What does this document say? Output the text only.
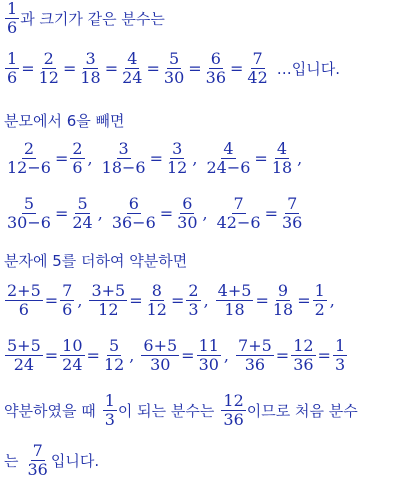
$\frac{1}{6}$ 과 크기가 같은 분수는
$\frac{1}{6} = \frac{2}{12} = \frac{3}{18} = \frac{4}{24} = \frac{5}{30} = \frac{6}{36} = \frac{7}{42}$ …입니다.
분모에서 6을 빼면
$\frac{2}{12-6} = \frac{2}{6}$ , $\frac{3}{18-6} = \frac{3}{12}$ , $\frac{4}{24-6} = \frac{4}{18}$ ,
$\frac{5}{30-6} = \frac{5}{24}$ , $\frac{6}{36-6} = \frac{6}{30}$ , $\frac{7}{42-6} = \frac{7}{36}$
분자에 5를 더하여 약분하면
$\frac{2+5}{6} = \frac{7}{6}$ , $\frac{3+5}{12} = \frac{8}{12} = \frac{2}{3}$ , $\frac{4+5}{18} = \frac{9}{18} = \frac{1}{2}$ ,
$\frac{5+5}{24} = \frac{10}{24} = \frac{5}{12}$ , $\frac{6+5}{30} = \frac{11}{30}$ , $\frac{7+5}{36} = \frac{12}{36} = \frac{1}{3}$
약분하였을 때 $\frac{1}{3}$ 이 되는 분수는 $\frac{12}{36}$ 이므로 처음 분수
는 $\frac{7}{36}$ 입니다.
